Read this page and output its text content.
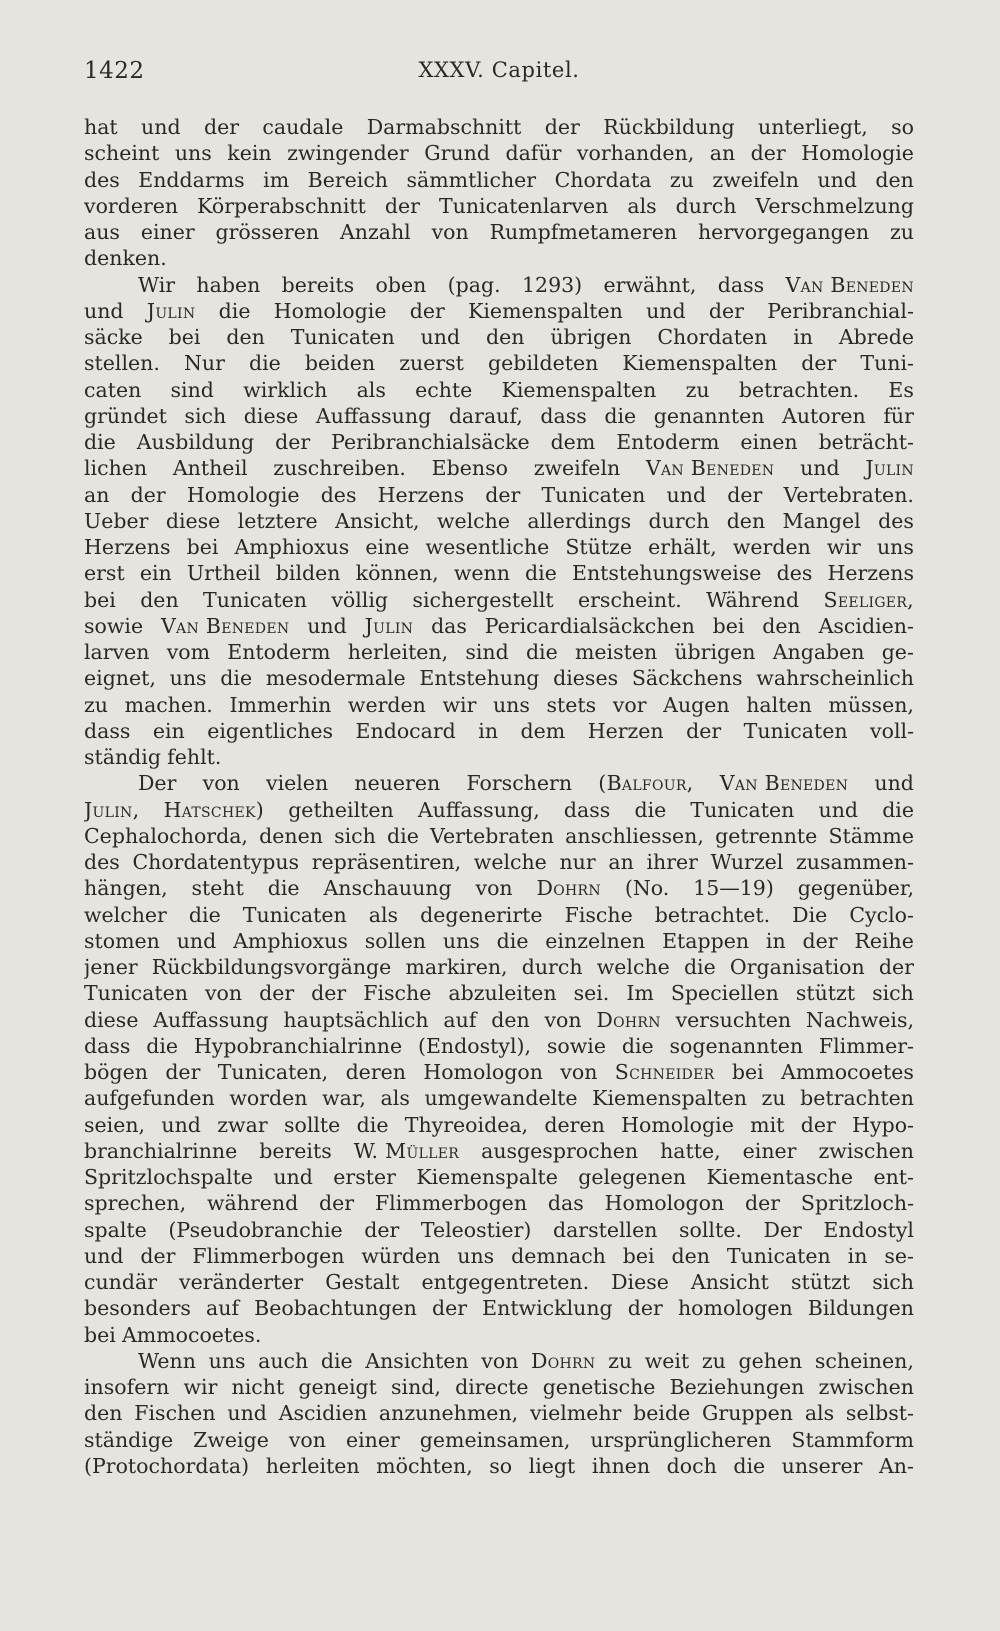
1422	XXXV. Capitel.
hat und der caudale Darmabschnitt der Rückbildung unterliegt, so
scheint uns kein zwingender Grund dafür vorhanden, an der Homologie
des Enddarms im Bereich sämmtlicher Chordata zu zweifeln und den
vorderen Körperabschnitt der Tunicatenlarven als durch Verschmelzung
aus einer grösseren Anzahl von Rumpfmetameren hervorgegangen zu
denken.
Wir haben bereits oben (pag. 1293) erwähnt, dass Van Beneden
und Julin die Homologie der Kiemenspalten und der Peribranchial-
säcke bei den Tunicaten und den übrigen Chordaten in Abrede
stellen. Nur die beiden zuerst gebildeten Kiemenspalten der Tuni-
caten sind wirklich als echte Kiemenspalten zu betrachten. Es
gründet sich diese Auffassung darauf, dass die genannten Autoren für
die Ausbildung der Peribranchialsäcke dem Entoderm einen beträcht-
lichen Antheil zuschreiben. Ebenso zweifeln Van Beneden und Julin
an der Homologie des Herzens der Tunicaten und der Vertebraten.
Ueber diese letztere Ansicht, welche allerdings durch den Mangel des
Herzens bei Amphioxus eine wesentliche Stütze erhält, werden wir uns
erst ein Urtheil bilden können, wenn die Entstehungsweise des Herzens
bei den Tunicaten völlig sichergestellt erscheint. Während Seeliger,
sowie Van Beneden und Julin das Pericardialsäckchen bei den Ascidien-
larven vom Entoderm herleiten, sind die meisten übrigen Angaben ge-
eignet, uns die mesodermale Entstehung dieses Säckchens wahrscheinlich
zu machen. Immerhin werden wir uns stets vor Augen halten müssen,
dass ein eigentliches Endocard in dem Herzen der Tunicaten voll-
ständig fehlt.
Der von vielen neueren Forschern (Balfour, Van Beneden und
Julin, Hatschek) getheilten Auffassung, dass die Tunicaten und die
Cephalochorda, denen sich die Vertebraten anschliessen, getrennte Stämme
des Chordatentypus repräsentiren, welche nur an ihrer Wurzel zusammen-
hängen, steht die Anschauung von Dohrn (No. 15—19) gegenüber,
welcher die Tunicaten als degenerirte Fische betrachtet. Die Cyclo-
stomen und Amphioxus sollen uns die einzelnen Etappen in der Reihe
jener Rückbildungsvorgänge markiren, durch welche die Organisation der
Tunicaten von der der Fische abzuleiten sei. Im Speciellen stützt sich
diese Auffassung hauptsächlich auf den von Dohrn versuchten Nachweis,
dass die Hypobranchialrinne (Endostyl), sowie die sogenannten Flimmer-
bögen der Tunicaten, deren Homologon von Schneider bei Ammocoetes
aufgefunden worden war, als umgewandelte Kiemenspalten zu betrachten
seien, und zwar sollte die Thyreoidea, deren Homologie mit der Hypo-
branchialrinne bereits W. Müller ausgesprochen hatte, einer zwischen
Spritzlochspalte und erster Kiemenspalte gelegenen Kiementasche ent-
sprechen, während der Flimmerbogen das Homologon der Spritzloch-
spalte (Pseudobranchie der Teleostier) darstellen sollte. Der Endostyl
und der Flimmerbogen würden uns demnach bei den Tunicaten in se-
cundär veränderter Gestalt entgegentreten. Diese Ansicht stützt sich
besonders auf Beobachtungen der Entwicklung der homologen Bildungen
bei Ammocoetes.
Wenn uns auch die Ansichten von Dohrn zu weit zu gehen scheinen,
insofern wir nicht geneigt sind, directe genetische Beziehungen zwischen
den Fischen und Ascidien anzunehmen, vielmehr beide Gruppen als selbst-
ständige Zweige von einer gemeinsamen, ursprünglicheren Stammform
(Protochordata) herleiten möchten, so liegt ihnen doch die unserer An-
